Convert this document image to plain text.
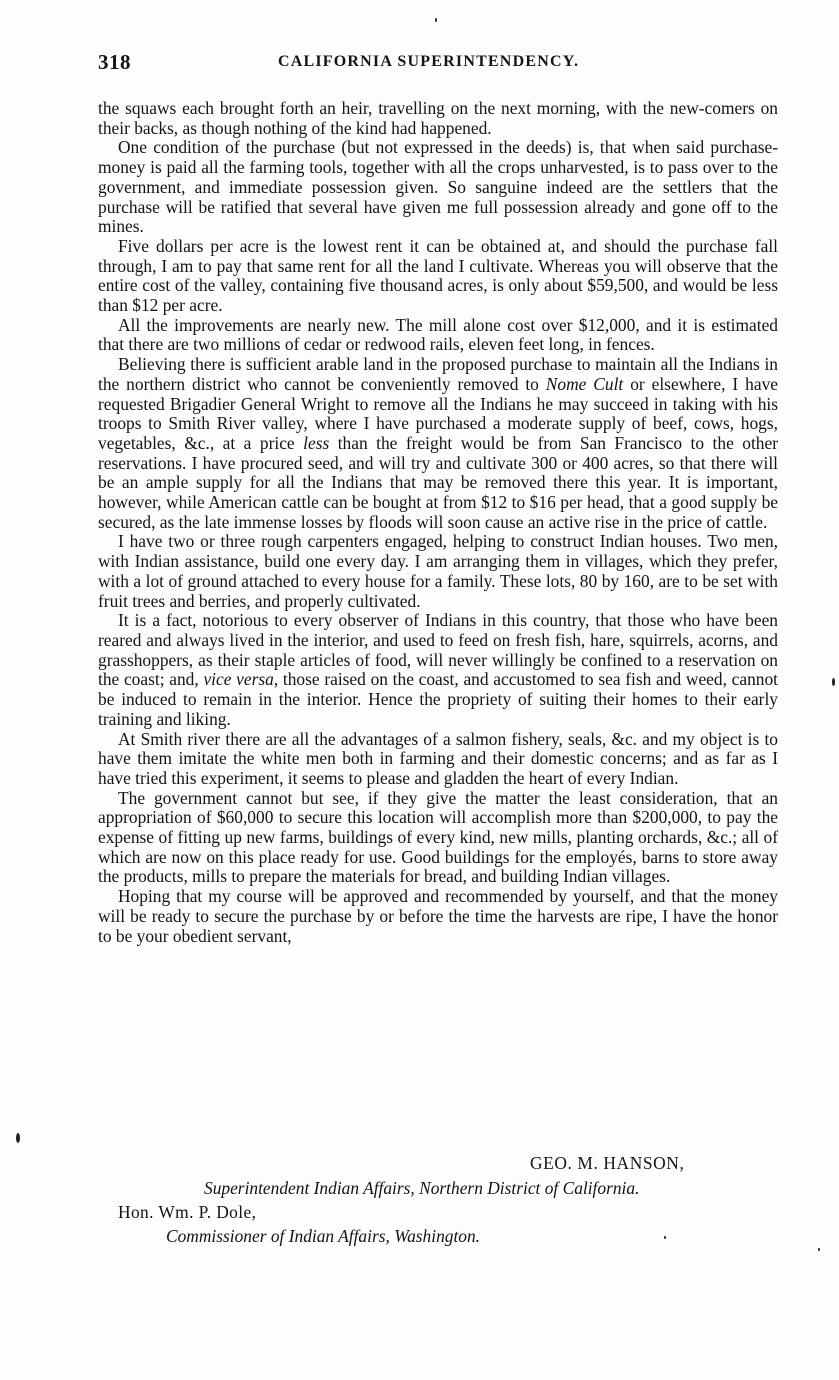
318	CALIFORNIA SUPERINTENDENCY.

the squaws each brought forth an heir, travelling on the next morning, with the new-comers on their backs, as though nothing of the kind had happened.

One condition of the purchase (but not expressed in the deeds) is, that when said purchase-money is paid all the farming tools, together with all the crops unharvested, is to pass over to the government, and immediate possession given. So sanguine indeed are the settlers that the purchase will be ratified that several have given me full possession already and gone off to the mines.

Five dollars per acre is the lowest rent it can be obtained at, and should the purchase fall through, I am to pay that same rent for all the land I cultivate. Whereas you will observe that the entire cost of the valley, containing five thousand acres, is only about $59,500, and would be less than $12 per acre.

All the improvements are nearly new. The mill alone cost over $12,000, and it is estimated that there are two millions of cedar or redwood rails, eleven feet long, in fences.

Believing there is sufficient arable land in the proposed purchase to maintain all the Indians in the northern district who cannot be conveniently removed to Nome Cult or elsewhere, I have requested Brigadier General Wright to remove all the Indians he may succeed in taking with his troops to Smith River valley, where I have purchased a moderate supply of beef, cows, hogs, vegetables, &c., at a price less than the freight would be from San Francisco to the other reservations. I have procured seed, and will try and cultivate 300 or 400 acres, so that there will be an ample supply for all the Indians that may be removed there this year. It is important, however, while American cattle can be bought at from $12 to $16 per head, that a good supply be secured, as the late immense losses by floods will soon cause an active rise in the price of cattle.

I have two or three rough carpenters engaged, helping to construct Indian houses. Two men, with Indian assistance, build one every day. I am arranging them in villages, which they prefer, with a lot of ground attached to every house for a family. These lots, 80 by 160, are to be set with fruit trees and berries, and properly cultivated.

It is a fact, notorious to every observer of Indians in this country, that those who have been reared and always lived in the interior, and used to feed on fresh fish, hare, squirrels, acorns, and grasshoppers, as their staple articles of food, will never willingly be confined to a reservation on the coast; and, vice versa, those raised on the coast, and accustomed to sea fish and weed, cannot be induced to remain in the interior. Hence the propriety of suiting their homes to their early training and liking.

At Smith river there are all the advantages of a salmon fishery, seals, &c. and my object is to have them imitate the white men both in farming and their domestic concerns; and as far as I have tried this experiment, it seems to please and gladden the heart of every Indian.

The government cannot but see, if they give the matter the least consideration, that an appropriation of $60,000 to secure this location will accomplish more than $200,000, to pay the expense of fitting up new farms, buildings of every kind, new mills, planting orchards, &c.; all of which are now on this place ready for use. Good buildings for the employés, barns to store away the products, mills to prepare the materials for bread, and building Indian villages.

Hoping that my course will be approved and recommended by yourself, and that the money will be ready to secure the purchase by or before the time the harvests are ripe, I have the honor to be your obedient servant,

GEO. M. HANSON,
Superintendent Indian Affairs, Northern District of California.
Hon. Wm. P. Dole,
Commissioner of Indian Affairs, Washington.
